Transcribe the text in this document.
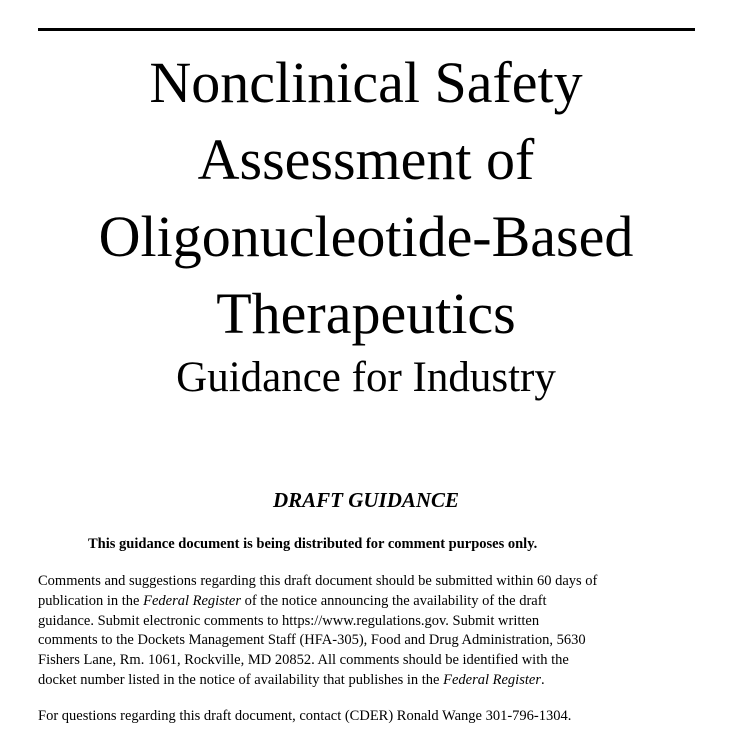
Nonclinical Safety
Assessment of
Oligonucleotide-Based
Therapeutics
Guidance for Industry
DRAFT GUIDANCE
This guidance document is being distributed for comment purposes only.

Comments and suggestions regarding this draft document should be submitted within 60 days of
publication in the Federal Register of the notice announcing the availability of the draft
guidance. Submit electronic comments to https://www.regulations.gov. Submit written
comments to the Dockets Management Staff (HFA-305), Food and Drug Administration, 5630
Fishers Lane, Rm. 1061, Rockville, MD 20852. All comments should be identified with the
docket number listed in the notice of availability that publishes in the Federal Register.

For questions regarding this draft document, contact (CDER) Ronald Wange 301-796-1304.
